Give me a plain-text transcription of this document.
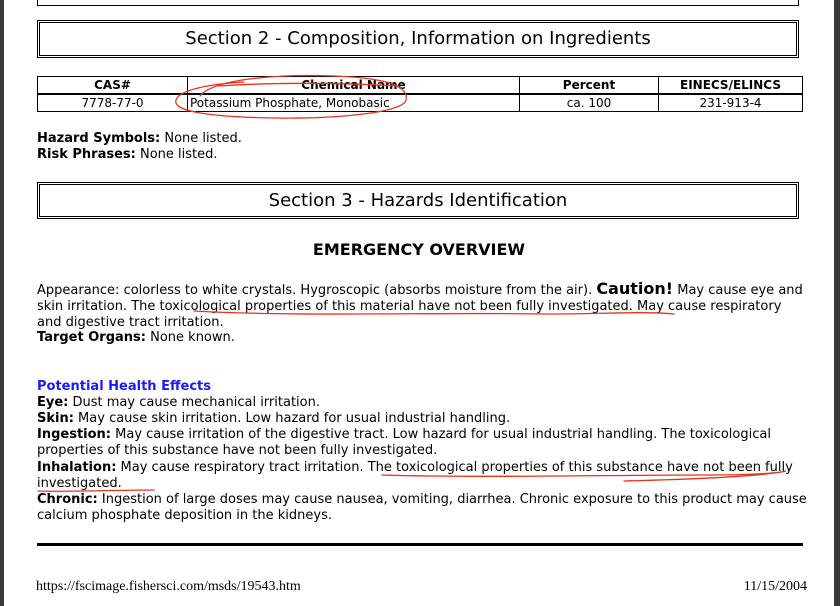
Section 2 - Composition, Information on Ingredients
CAS#	Chemical Name	Percent	EINECS/ELINCS
7778-77-0	Potassium Phosphate, Monobasic	ca. 100	231-913-4
Hazard Symbols: None listed.
Risk Phrases: None listed.
Section 3 - Hazards Identification
EMERGENCY OVERVIEW
Appearance: colorless to white crystals. Hygroscopic (absorbs moisture from the air). Caution! May cause eye and skin irritation. The toxicological properties of this material have not been fully investigated. May cause respiratory and digestive tract irritation.
Target Organs: None known.
Potential Health Effects
Eye: Dust may cause mechanical irritation.
Skin: May cause skin irritation. Low hazard for usual industrial handling.
Ingestion: May cause irritation of the digestive tract. Low hazard for usual industrial handling. The toxicological properties of this substance have not been fully investigated.
Inhalation: May cause respiratory tract irritation. The toxicological properties of this substance have not been fully investigated.
Chronic: Ingestion of large doses may cause nausea, vomiting, diarrhea. Chronic exposure to this product may cause calcium phosphate deposition in the kidneys.
https://fscimage.fishersci.com/msds/19543.htm	11/15/2004
